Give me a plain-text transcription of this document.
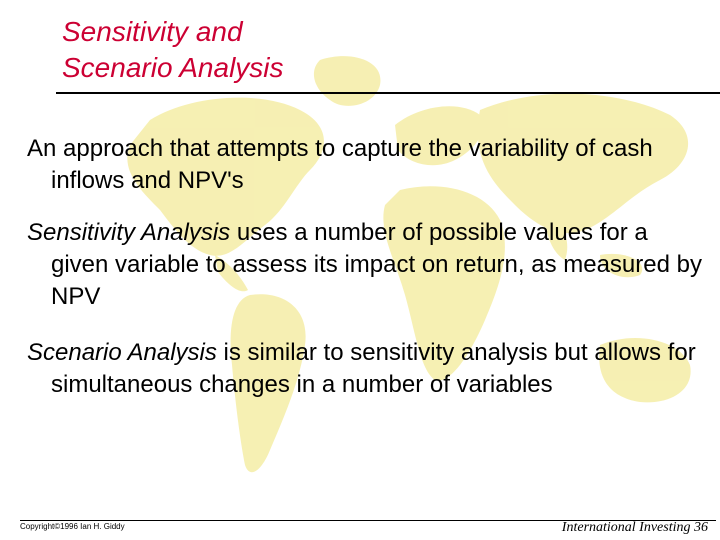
Sensitivity and
Scenario Analysis

An approach that attempts to capture the variability of cash inflows and NPV's

Sensitivity Analysis uses a number of possible values for a given variable to assess its impact on return, as measured by NPV

Scenario Analysis is similar to sensitivity analysis but allows for simultaneous changes in a number of variables

Copyright©1996 Ian H. Giddy	International Investing 36
